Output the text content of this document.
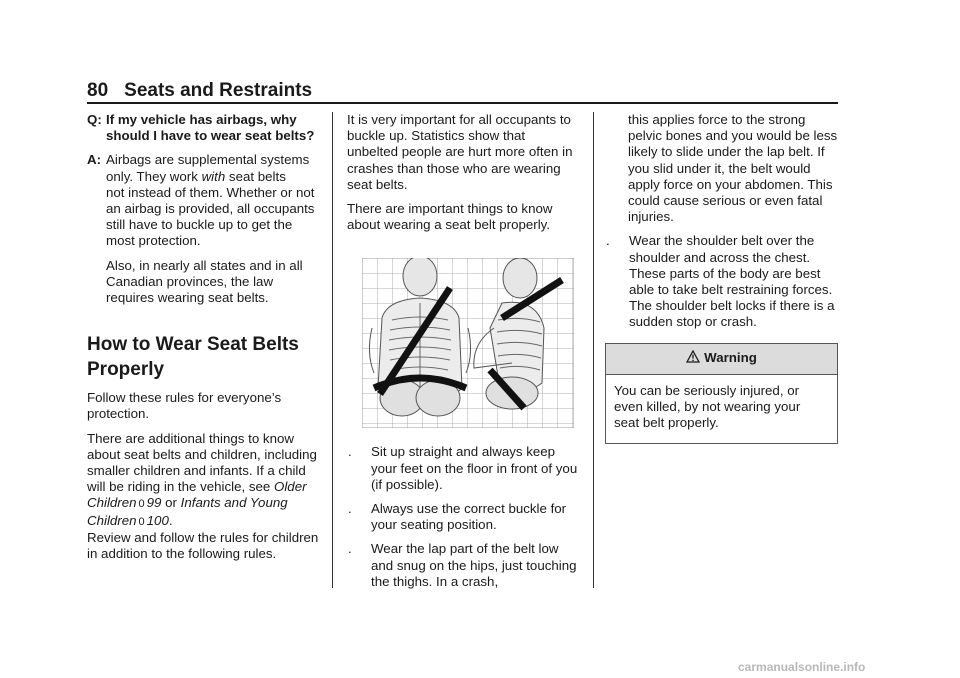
80 Seats and Restraints
Q: If my vehicle has airbags, why should I have to wear seat belts?
A: Airbags are supplemental systems only. They work with seat belts     not instead of them. Whether or not an airbag is provided, all occupants still have to buckle up to get the most protection.

Also, in nearly all states and in all Canadian provinces, the law requires wearing seat belts.

How to Wear Seat Belts Properly

Follow these rules for everyone’s protection.

There are additional things to know about seat belts and children, including smaller children and infants. If a child will be riding in the vehicle, see Older Children 0 99 or Infants and Young Children 0 100.
Review and follow the rules for children in addition to the following rules.

It is very important for all occupants to buckle up. Statistics show that unbelted people are hurt more often in crashes than those who are wearing seat belts.

There are important things to know about wearing a seat belt properly.

.	Sit up straight and always keep your feet on the floor in front of you (if possible).
.	Always use the correct buckle for your seating position.
.	Wear the lap part of the belt low and snug on the hips, just touching the thighs. In a crash,

this applies force to the strong pelvic bones and you would be less likely to slide under the lap belt. If you slid under it, the belt would apply force on your abdomen. This could cause serious or even fatal injuries.

.	Wear the shoulder belt over the shoulder and across the chest. These parts of the body are best able to take belt restraining forces. The shoulder belt locks if there is a sudden stop or crash.
Warning
You can be seriously injured, or even killed, by not wearing your seat belt properly.
carmanualsonline.info
